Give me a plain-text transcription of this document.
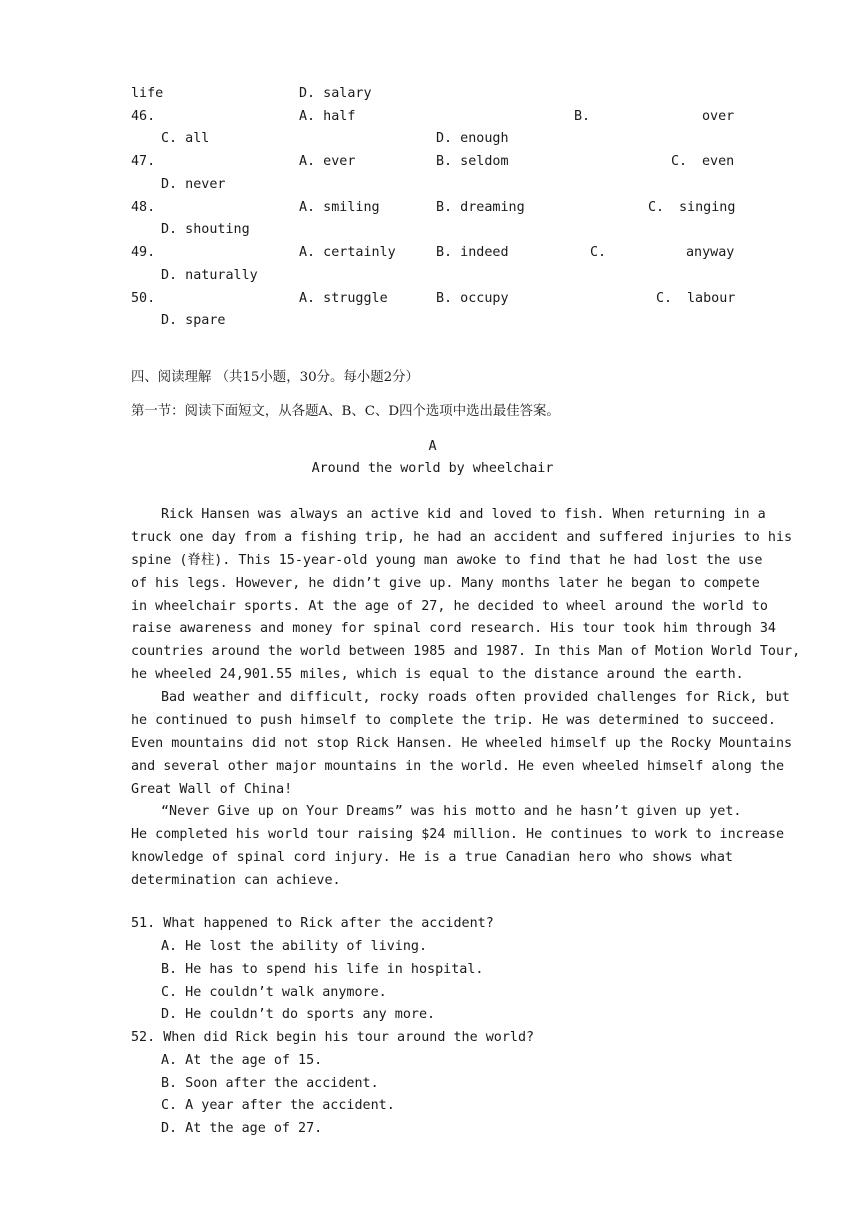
life	D. salary
46.	A. half	B.	over
C. all	D. enough
47.	A. ever	B. seldom	C. even
D. never
48.	A. smiling	B. dreaming	C. singing
D. shouting
49.	A. certainly	B. indeed	C.	anyway
D. naturally
50.	A. struggle	B. occupy	C. labour
D. spare
四、阅读理解 （共15小题，30分。每小题2分）
第一节：阅读下面短文，从各题A、B、C、D四个选项中选出最佳答案。
A
Around the world by wheelchair
Rick Hansen was always an active kid and loved to fish. When returning in a
truck one day from a fishing trip, he had an accident and suffered injuries to his
spine (脊柱). This 15-year-old young man awoke to find that he had lost the use
of his legs. However, he didn’t give up. Many months later he began to compete
in wheelchair sports. At the age of 27, he decided to wheel around the world to
raise awareness and money for spinal cord research. His tour took him through 34
countries around the world between 1985 and 1987. In this Man of Motion World Tour,
he wheeled 24,901.55 miles, which is equal to the distance around the earth.
Bad weather and difficult, rocky roads often provided challenges for Rick, but
he continued to push himself to complete the trip. He was determined to succeed.
Even mountains did not stop Rick Hansen. He wheeled himself up the Rocky Mountains
and several other major mountains in the world. He even wheeled himself along the
Great Wall of China!
“Never Give up on Your Dreams” was his motto and he hasn’t given up yet.
He completed his world tour raising $24 million. He continues to work to increase
knowledge of spinal cord injury. He is a true Canadian hero who shows what
determination can achieve.
51. What happened to Rick after the accident?
A. He lost the ability of living.
B. He has to spend his life in hospital.
C. He couldn’t walk anymore.
D. He couldn’t do sports any more.
52. When did Rick begin his tour around the world?
A. At the age of 15.
B. Soon after the accident.
C. A year after the accident.
D. At the age of 27.
